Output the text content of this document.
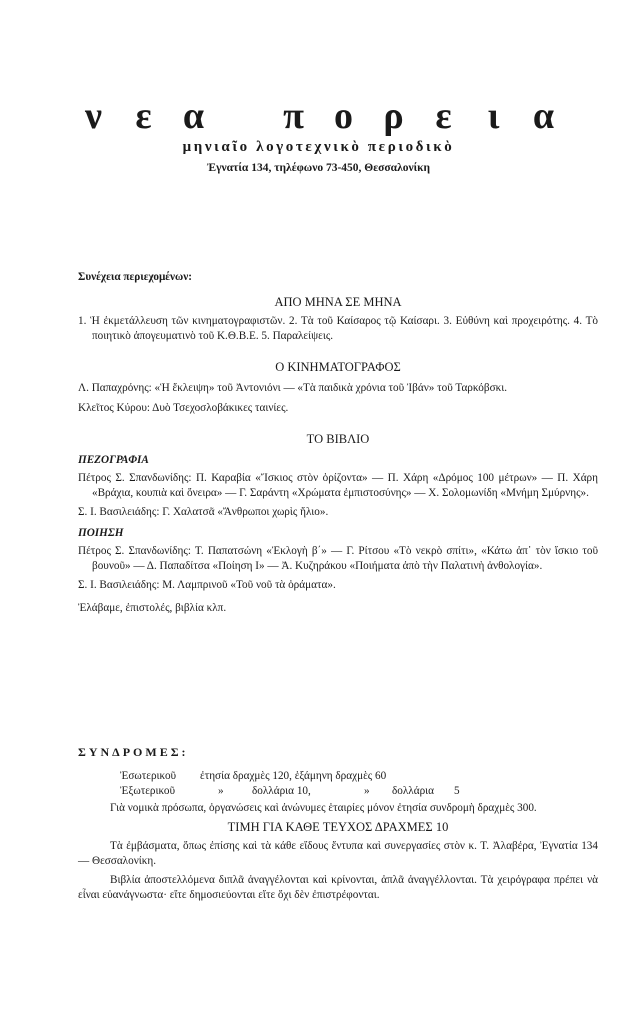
ν ε α π ο ρ ε ι α
μηνιαῖο λογοτεχνικὸ περιοδικὸ
Ἐγνατία 134, τηλέφωνο 73-450, Θεσσαλονίκη

Συνέχεια περιεχομένων:

ΑΠΟ ΜΗΝΑ ΣΕ ΜΗΝΑ

1. Ἡ ἐκμετάλλευση τῶν κινηματογραφιστῶν. 2. Τὰ τοῦ Καίσαρος τῷ Καίσαρι. 3. Εὐθύνη καὶ προχειρότης. 4. Τὸ ποιητικὸ ἀπογευματινὸ τοῦ Κ.Θ.Β.Ε. 5. Παραλείψεις.

Ο ΚΙΝΗΜΑΤΟΓΡΑΦΟΣ

Λ. Παπαχρόνης: «Ἡ ἔκλειψη» τοῦ Ἀντονιόνι — «Τὰ παιδικὰ χρόνια τοῦ Ἰβάν» τοῦ Ταρκόβσκι.

Κλεῖτος Κύρου: Δυὸ Τσεχοσλοβάκικες ταινίες.

ΤΟ ΒΙΒΛΙΟ

ΠΕΖΟΓΡΑΦΙΑ

Πέτρος Σ. Σπανδωνίδης: Π. Καραβία «Ἴσκιος στὸν ὁρίζοντα» — Π. Χάρη «Δρόμος 100 μέτρων» — Π. Χάρη «Βράχια, κουπιὰ καὶ ὄνειρα» — Γ. Σαράντη «Χρώματα ἐμπιστοσύνης» — Χ. Σολομωνίδη «Μνήμη Σμύρνης».

Σ. Ι. Βασιλειάδης: Γ. Χαλατσᾶ «Ἄνθρωποι χωρὶς ἥλιο».

ΠΟΙΗΣΗ

Πέτρος Σ. Σπανδωνίδης: Τ. Παπατσώνη «Ἐκλογὴ β΄» — Γ. Ρίτσου «Τὸ νεκρὸ σπίτι», «Κάτω ἀπ᾿ τὸν ἴσκιο τοῦ βουνοῦ» — Δ. Παπαδίτσα «Ποίηση Ι» — Ἀ. Κυζηράκου «Ποιήματα ἀπὸ τὴν Παλατινὴ ἀνθολογία».

Σ. Ι. Βασιλειάδης: Μ. Λαμπρινοῦ «Τοῦ νοῦ τὰ ὁράματα».

Ἐλάβαμε, ἐπιστολές, βιβλία κλπ.

ΣΥΝΔΡΟΜΕΣ:
Ἐσωτερικοῦ ἐτησία δραχμὲς 120, ἑξάμηνη δραχμὲς 60
Ἐξωτερικοῦ	»	δολλάρια 10,	» δολλάρια 5

Γιὰ νομικὰ πρόσωπα, ὀργανώσεις καὶ ἀνώνυμες ἑταιρίες μόνον ἐτησία συνδρομὴ δραχμὲς 300.

ΤΙΜΗ ΓΙΑ ΚΑΘΕ ΤΕΥΧΟΣ ΔΡΑΧΜΕΣ 10

Τὰ ἐμβάσματα, ὅπως ἐπίσης καὶ τὰ κάθε εἴδους ἔντυπα καὶ συνεργασίες στὸν κ. Τ. Ἀλαβέρα, Ἐγνατία 134 — Θεσσαλονίκη.

Βιβλία ἀποστελλόμενα διπλᾶ ἀναγγέλονται καὶ κρίνονται, ἁπλᾶ ἀναγγέλλονται. Τὰ χειρόγραφα πρέπει νὰ εἶναι εὐανάγνωστα· εἴτε δημοσιεύονται εἴτε ὄχι δὲν ἐπιστρέφονται.
